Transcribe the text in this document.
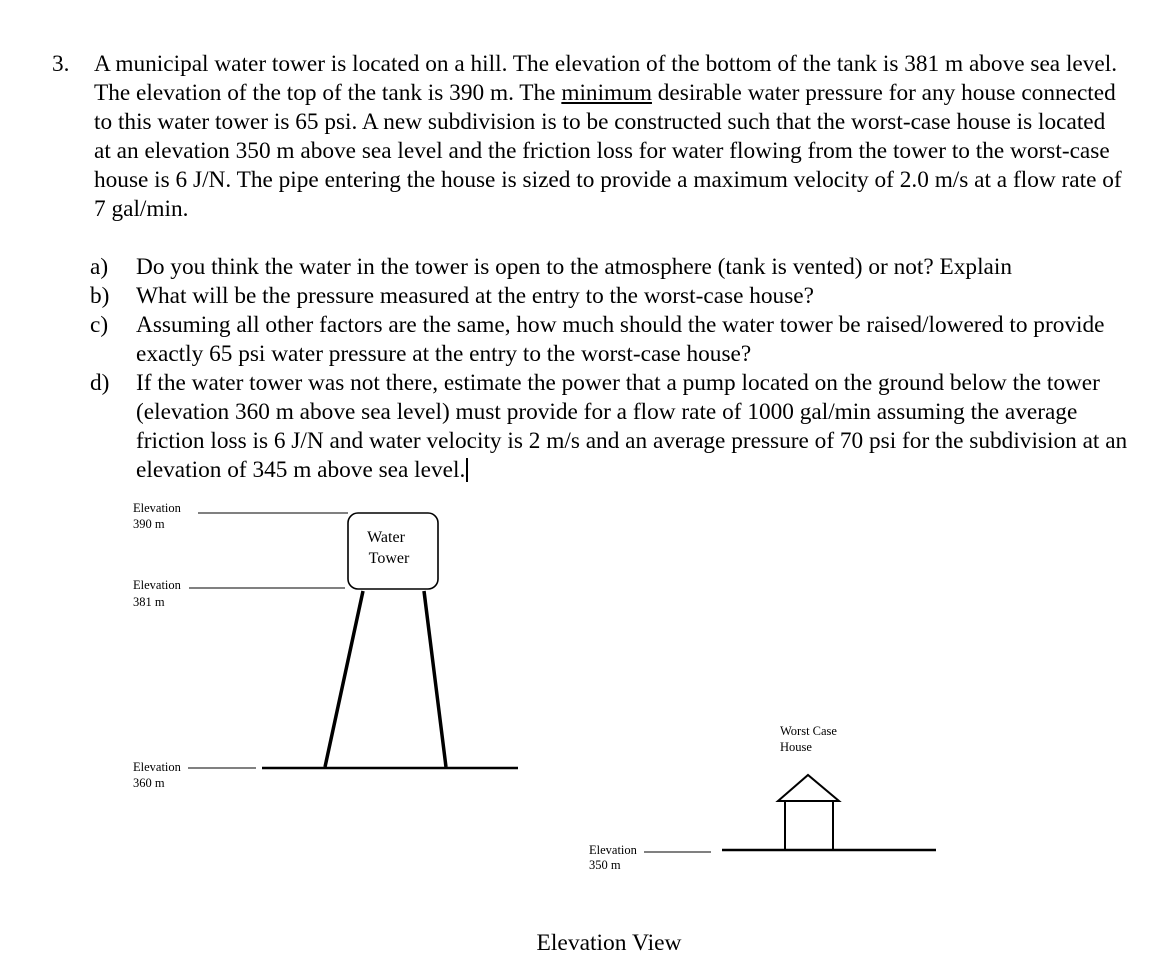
3. A municipal water tower is located on a hill. The elevation of the bottom of the tank is 381 m above sea level. The elevation of the top of the tank is 390 m. The minimum desirable water pressure for any house connected to this water tower is 65 psi. A new subdivision is to be constructed such that the worst-case house is located at an elevation 350 m above sea level and the friction loss for water flowing from the tower to the worst-case house is 6 J/N. The pipe entering the house is sized to provide a maximum velocity of 2.0 m/s at a flow rate of 7 gal/min.
a) Do you think the water in the tower is open to the atmosphere (tank is vented) or not? Explain
b) What will be the pressure measured at the entry to the worst-case house?
c) Assuming all other factors are the same, how much should the water tower be raised/lowered to provide exactly 65 psi water pressure at the entry to the worst-case house?
d) If the water tower was not there, estimate the power that a pump located on the ground below the tower (elevation 360 m above sea level) must provide for a flow rate of 1000 gal/min assuming the average friction loss is 6 J/N and water velocity is 2 m/s and an average pressure of 70 psi for the subdivision at an elevation of 345 m above sea level.
Elevation
390 m
Water
Tower
Elevation
381 m
Elevation
360 m
Worst Case
House
Elevation
350 m
Elevation View
